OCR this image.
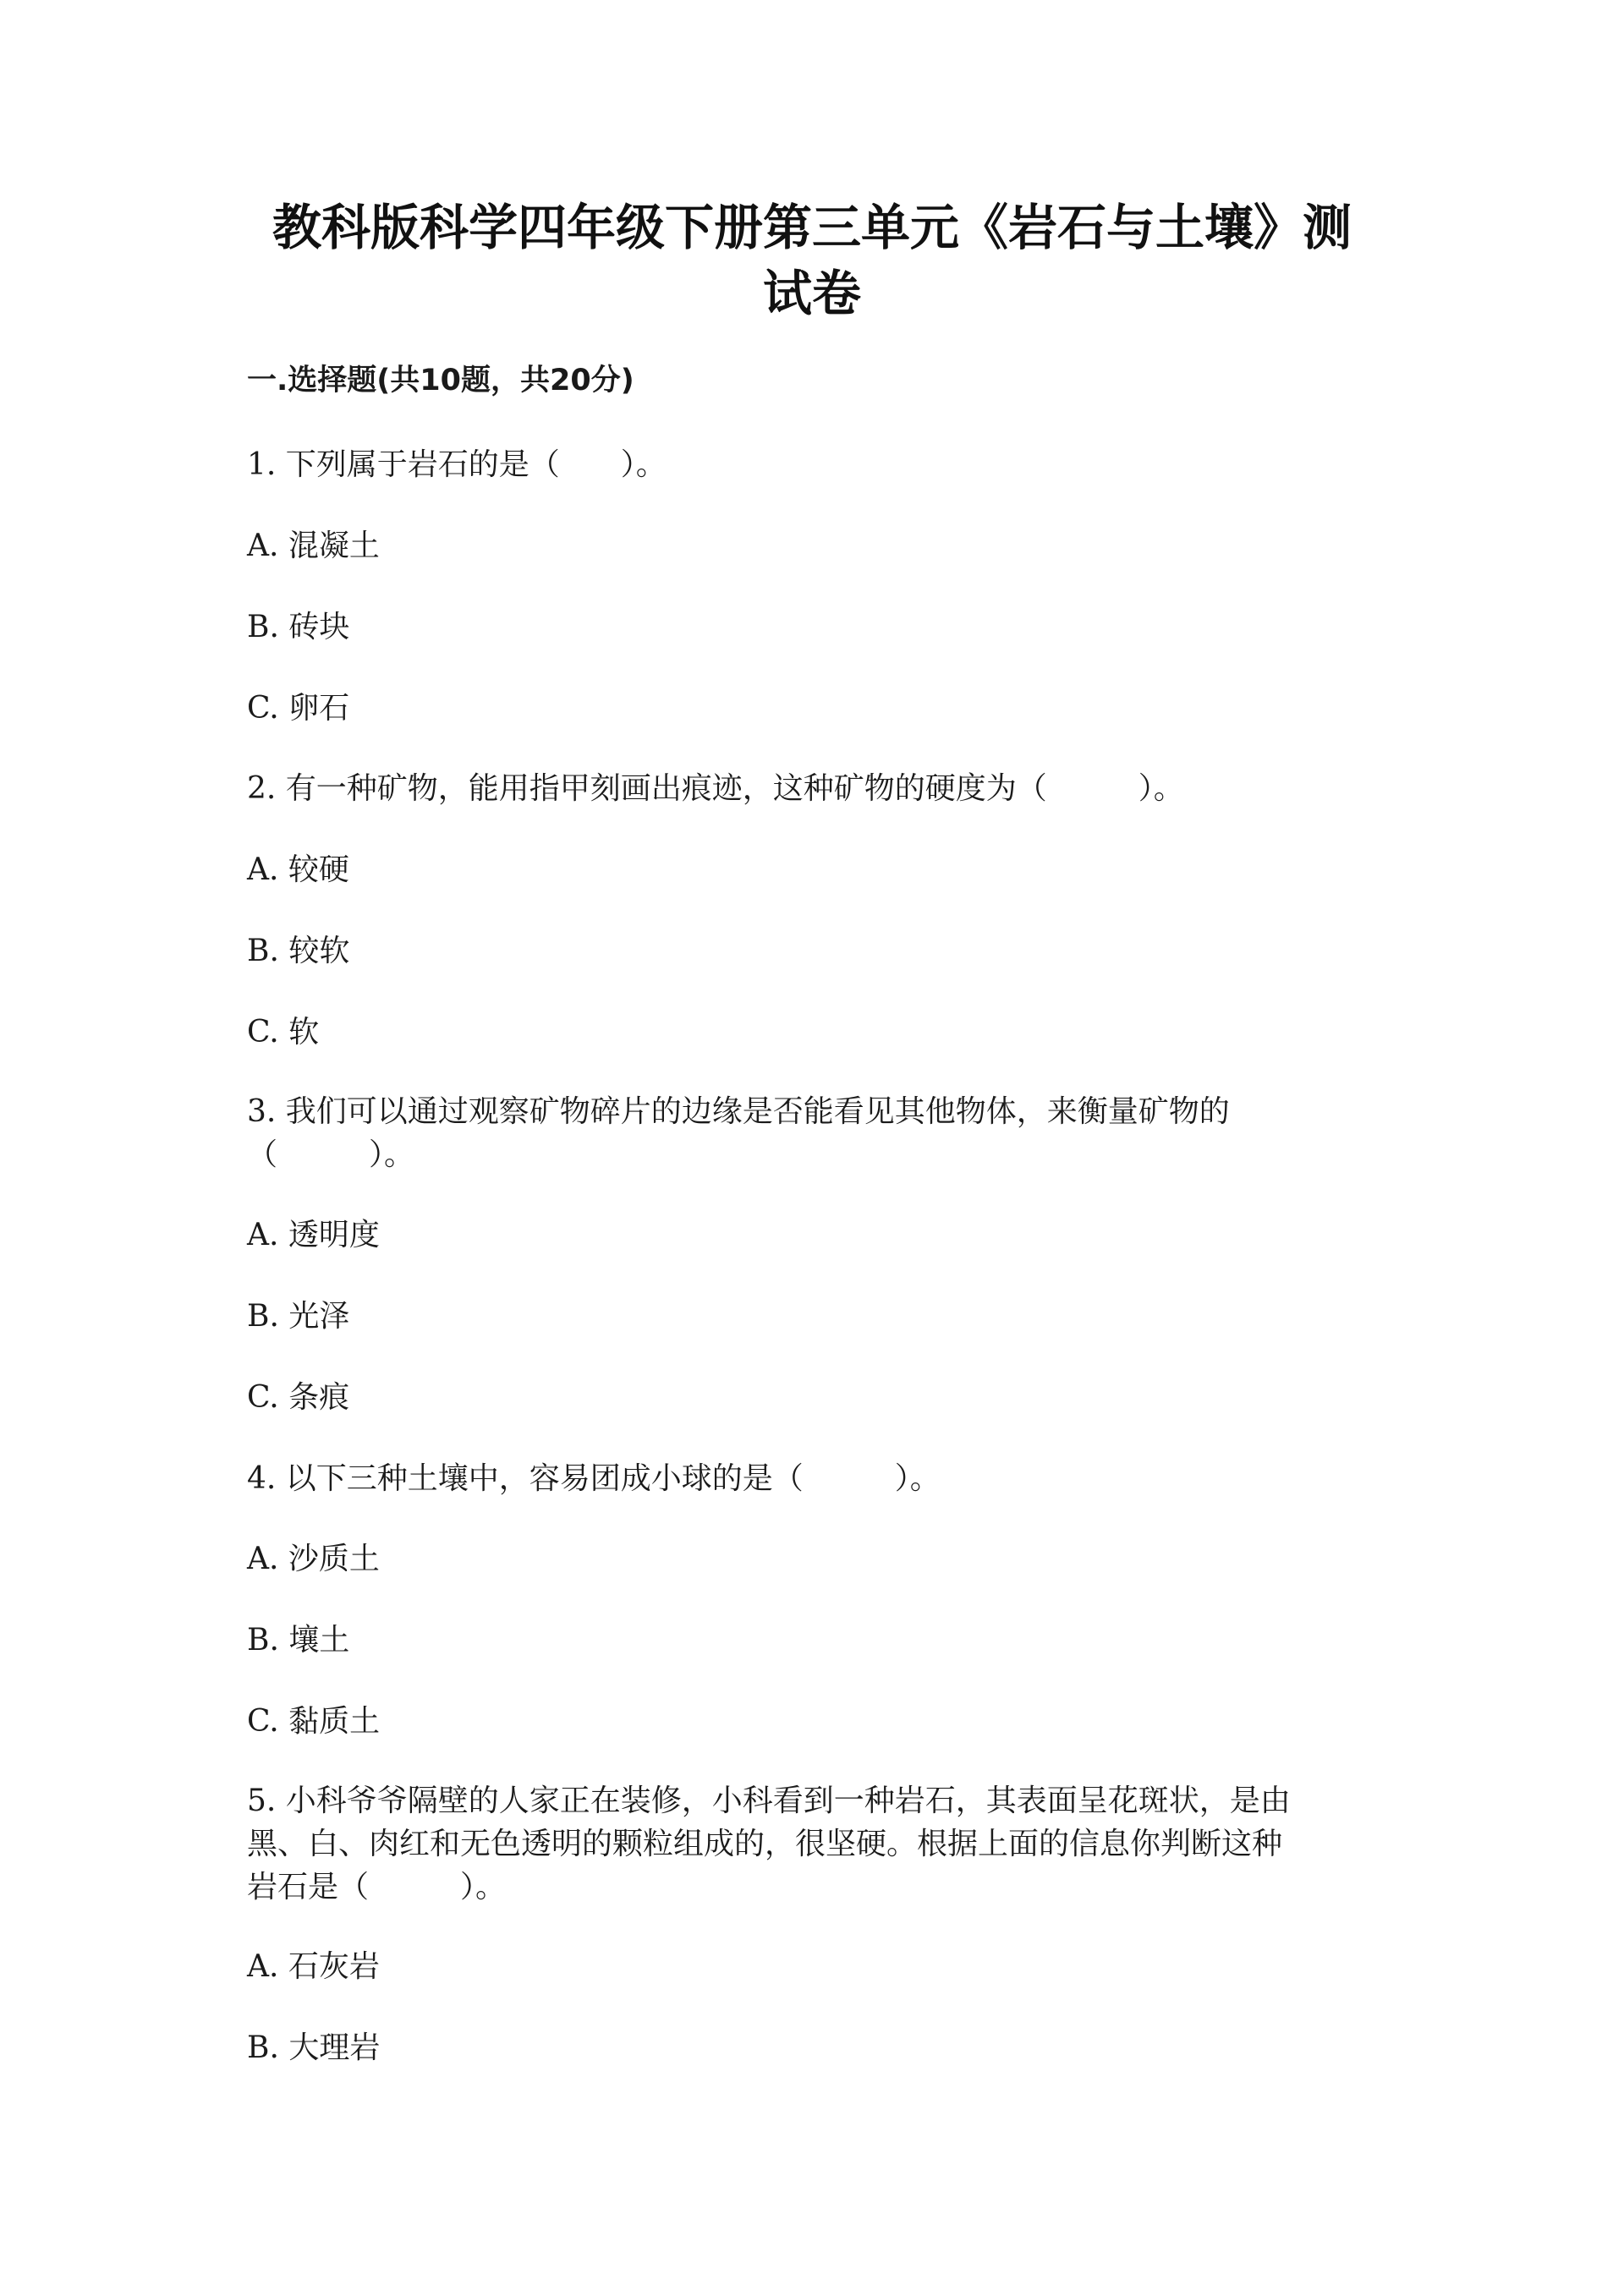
教科版科学四年级下册第三单元《岩石与土壤》测
试卷
一.选择题(共10题，共20分)
1. 下列属于岩石的是（　　）。
A. 混凝土
B. 砖块
C. 卵石
2. 有一种矿物，能用指甲刻画出痕迹，这种矿物的硬度为（　　　）。
A. 较硬
B. 较软
C. 软
3. 我们可以通过观察矿物碎片的边缘是否能看见其他物体，来衡量矿物的
（　　　）。
A. 透明度
B. 光泽
C. 条痕
4. 以下三种土壤中，容易团成小球的是（　　　）。
A. 沙质土
B. 壤土
C. 黏质土
5. 小科爷爷隔壁的人家正在装修，小科看到一种岩石，其表面呈花斑状，是由
黑、白、肉红和无色透明的颗粒组成的，很坚硬。根据上面的信息你判断这种
岩石是（　　　）。
A. 石灰岩
B. 大理岩
